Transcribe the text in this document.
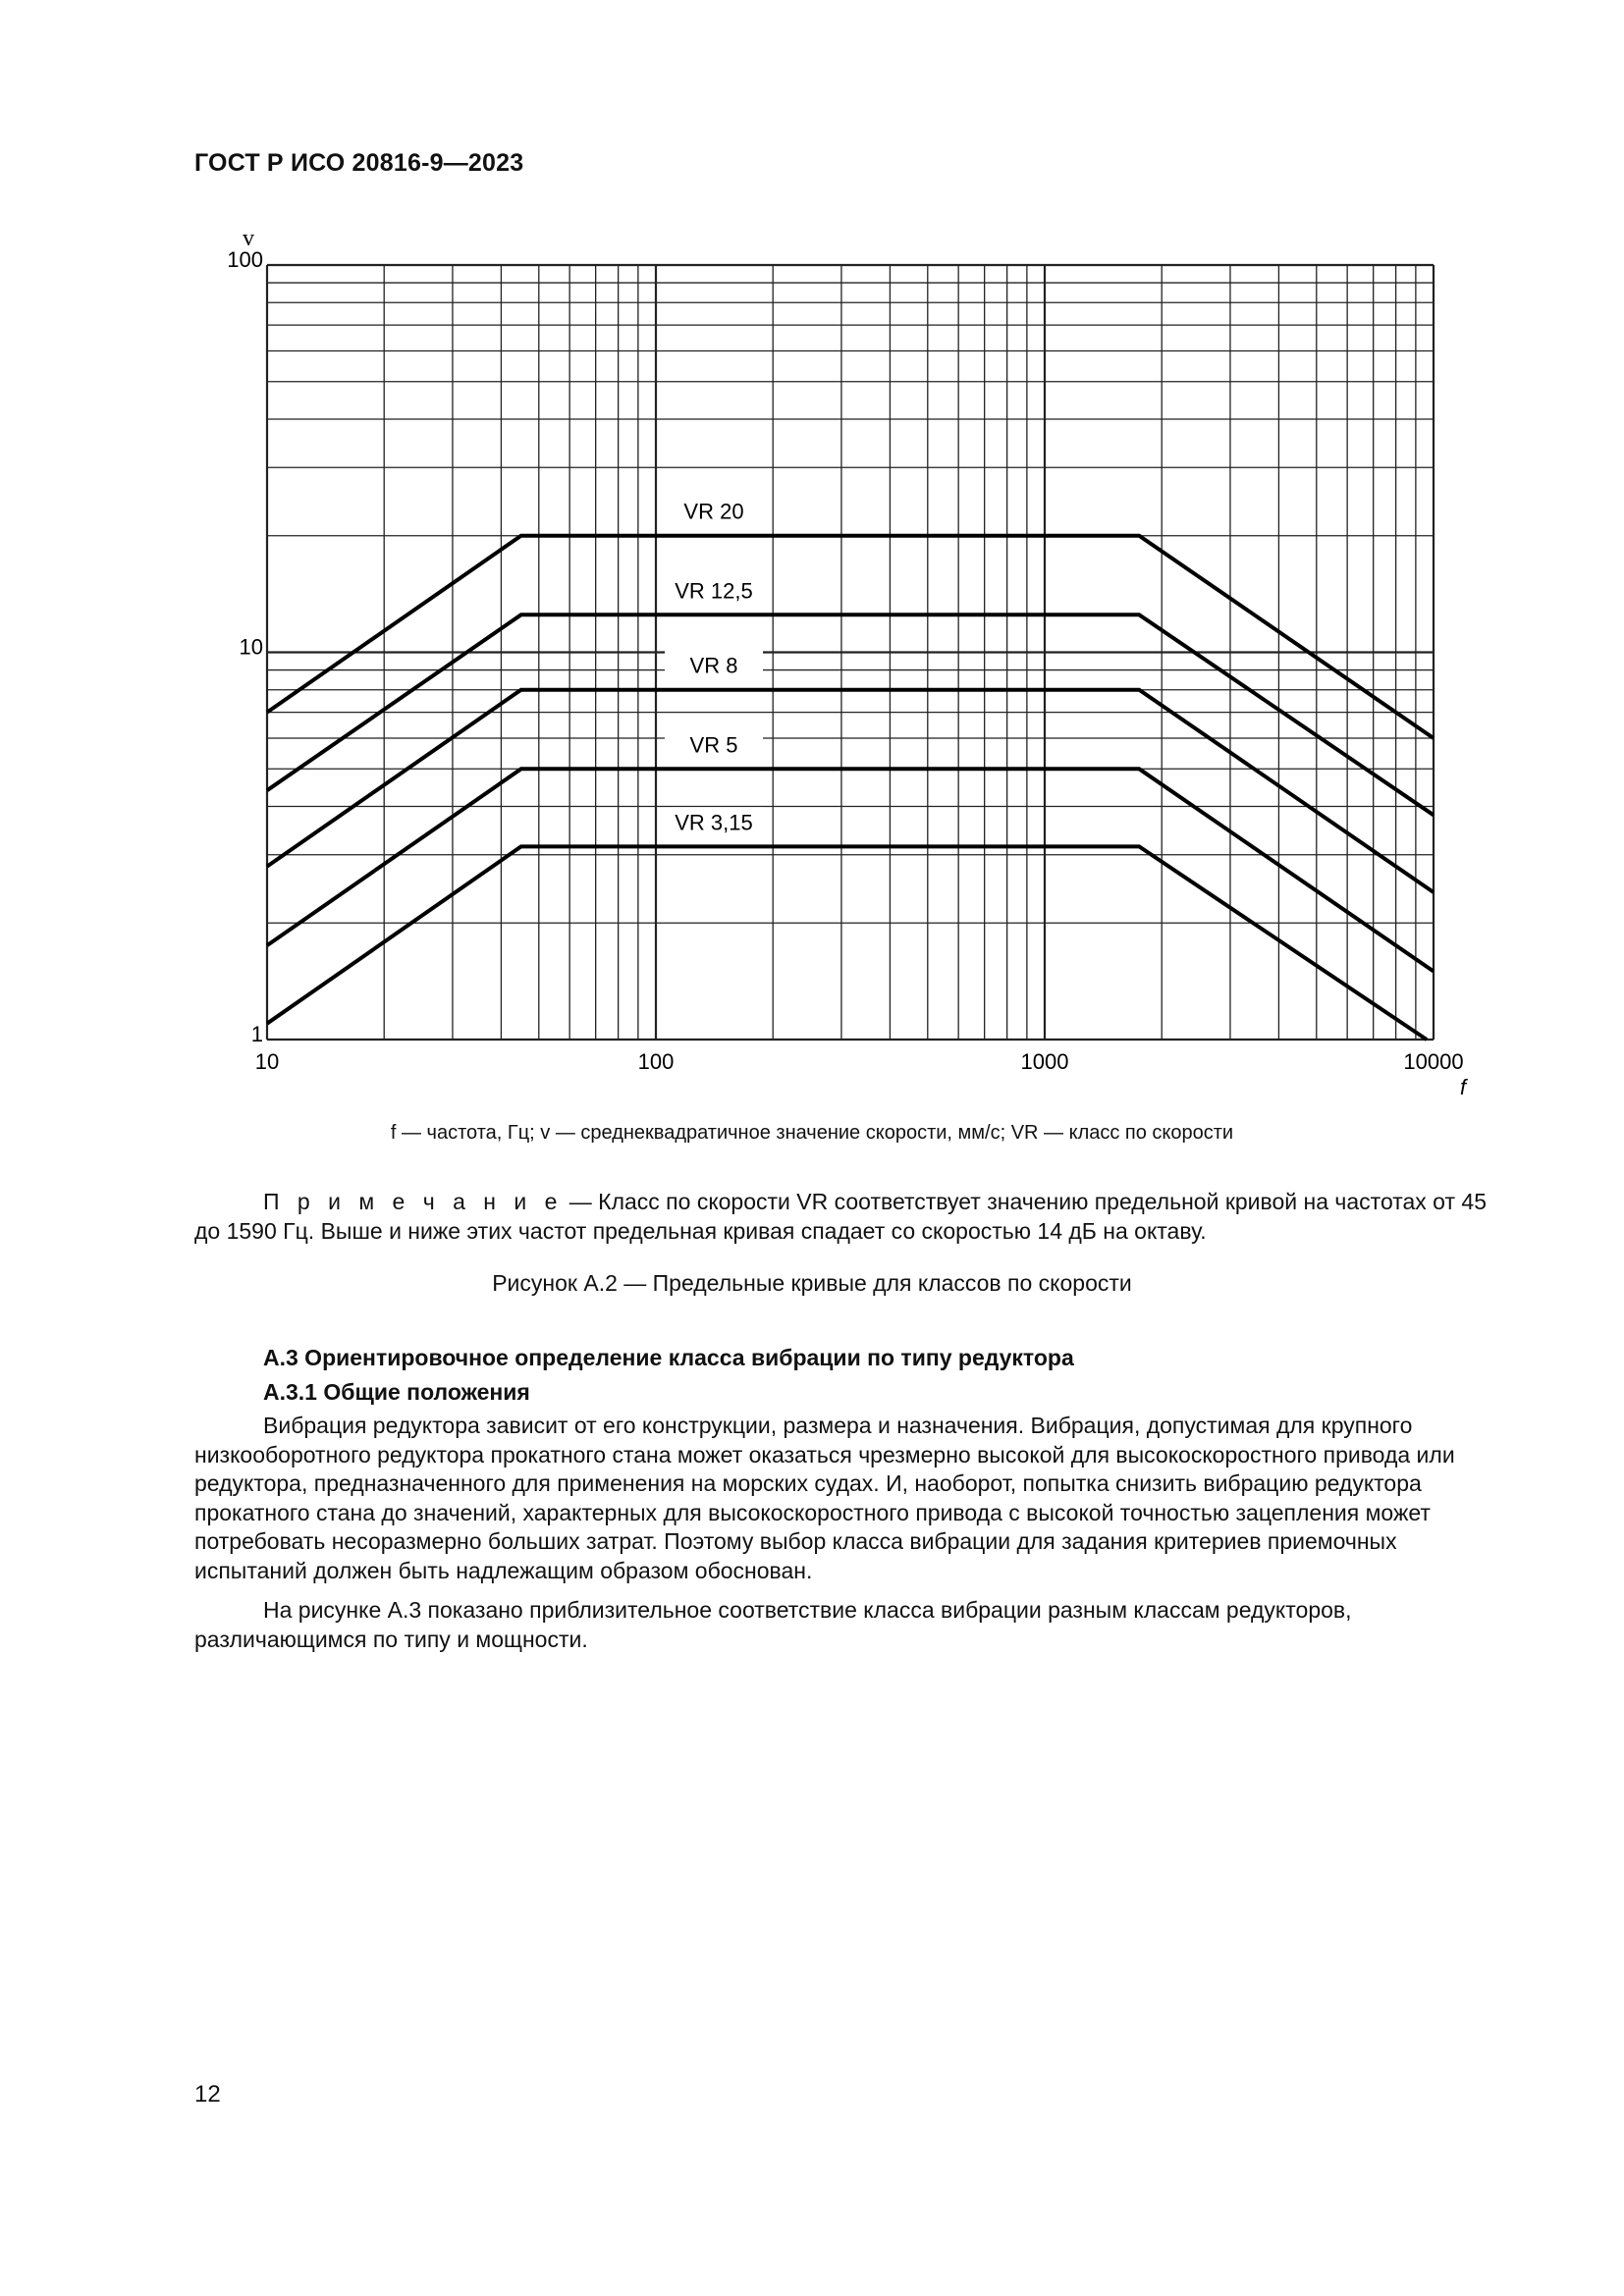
ГОСТ Р ИСО 20816-9—2023
VR 20
VR 12,5
VR 8
VR 5
VR 3,15
10	100	1000	10000
1
10
100
v
f
f — частота, Гц; v — среднеквадратичное значение скорости, мм/с; VR — класс по скорости
П р и м е ч а н и е — Класс по скорости VR соответствует значению предельной кривой на частотах от 45 до 1590 Гц. Выше и ниже этих частот предельная кривая спадает со скоростью 14 дБ на октаву.
Рисунок А.2 — Предельные кривые для классов по скорости
А.3 Ориентировочное определение класса вибрации по типу редуктора
А.3.1 Общие положения
Вибрация редуктора зависит от его конструкции, размера и назначения. Вибрация, допустимая для крупного низкооборотного редуктора прокатного стана может оказаться чрезмерно высокой для высокоскоростного привода или редуктора, предназначенного для применения на морских судах. И, наоборот, попытка снизить вибрацию редуктора прокатного стана до значений, характерных для высокоскоростного привода с высокой точностью зацепления может потребовать несоразмерно больших затрат. Поэтому выбор класса вибрации для задания критериев приемочных испытаний должен быть надлежащим образом обоснован.
На рисунке А.3 показано приблизительное соответствие класса вибрации разным классам редукторов, различающимся по типу и мощности.
12
